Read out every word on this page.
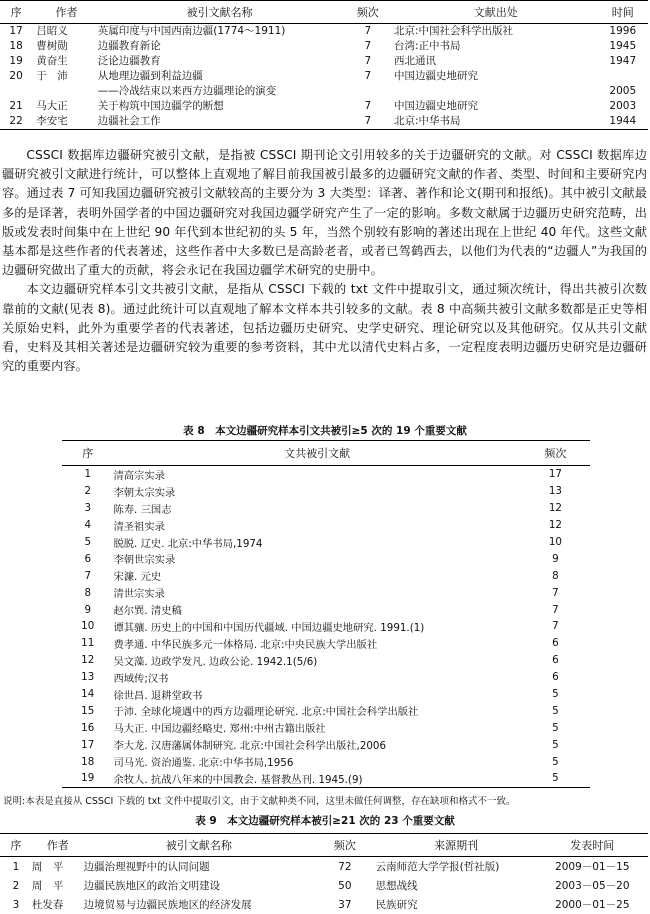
序	作者	被引文献名称	频次	文献出处	时间
17	吕昭义	英属印度与中国西南边疆(1774～1911)	7	北京:中国社会科学出版社	1996
18	曹树勋	边疆教育新论	7	台湾:正中书局	1945
19	黄奋生	泛论边疆教育	7	西北通讯	1947
20	于　沛	从地理边疆到利益边疆	7	中国边疆史地研究	
		——冷战结束以来西方边疆理论的演变			2005
21	马大正	关于构筑中国边疆学的断想	7	中国边疆史地研究	2003
22	李安宅	边疆社会工作	7	北京:中华书局	1944

CSSCI 数据库边疆研究被引文献，是指被 CSSCI 期刊论文引用较多的关于边疆研究的文献。对 CSSCI 数据库边疆研究被引文献进行统计，可以整体上直观地了解目前我国被引最多的边疆研究文献的作者、类型、时间和主要研究内容。通过表 7 可知我国边疆研究被引文献较高的主要分为 3 大类型：译著、著作和论文(期刊和报纸)。其中被引文献最多的是译著，表明外国学者的中国边疆研究对我国边疆学研究产生了一定的影响。多数文献属于边疆历史研究范畴，出版或发表时间集中在上世纪 90 年代到本世纪初的头 5 年，当然个别较有影响的著述出现在上世纪 40 年代。这些文献基本都是这些作者的代表著述，这些作者中大多数已是高龄老者，或者已驾鹤西去，以他们为代表的“边疆人”为我国的边疆研究做出了重大的贡献，将会永记在我国边疆学术研究的史册中。

本文边疆研究样本引文共被引文献，是指从 CSSCI 下载的 txt 文件中提取引文，通过频次统计，得出共被引次数靠前的文献(见表 8)。通过此统计可以直观地了解本文样本共引较多的文献。表 8 中高频共被引文献多数都是正史等相关原始史料，此外为重要学者的代表著述，包括边疆历史研究、史学史研究、理论研究以及其他研究。仅从共引文献看，史料及其相关著述是边疆研究较为重要的参考资料，其中尤以清代史料占多，一定程度表明边疆历史研究是边疆研究的重要内容。

表 8　本文边疆研究样本引文共被引≥5 次的 19 个重要文献
序	文共被引文献	频次
1	清高宗实录	17
2	李朝太宗实录	13
3	陈寿. 三国志	12
4	清圣祖实录	12
5	脱脱. 辽史. 北京:中华书局,1974	10
6	李朝世宗实录	9
7	宋濂. 元史	8
8	清世宗实录	7
9	赵尔巽. 清史稿	7
10	谭其骧. 历史上的中国和中国历代疆域. 中国边疆史地研究. 1991.(1)	7
11	费孝通. 中华民族多元一体格局. 北京:中央民族大学出版社	6
12	吴文藻. 边政学发凡. 边政公论. 1942.1(5/6)	6
13	西域传;汉书	6
14	徐世昌. 退耕堂政书	5
15	于沛. 全球化境遇中的西方边疆理论研究. 北京:中国社会科学出版社	5
16	马大正. 中国边疆经略史. 郑州:中州古籍出版社	5
17	李大龙. 汉唐藩属体制研究. 北京:中国社会科学出版社,2006	5
18	司马光. 资治通鉴. 北京:中华书局,1956	5
19	余牧人. 抗战八年来的中国教会. 基督教丛刊. 1945.(9)	5
说明:本表是直接从 CSSCI 下载的 txt 文件中提取引文，由于文献种类不同，这里未做任何调整，存在缺项和格式不一致。
表 9　本文边疆研究样本被引≥21 次的 23 个重要文献
序	作者	被引文献名称	频次	来源期刊	发表时间
1	周　平	边疆治理视野中的认同问题	72	云南师范大学学报(哲社版)	2009－01－15
2	周　平	边疆民族地区的政治文明建设	50	思想战线	2003－05－20
3	杜发春	边境贸易与边疆民族地区的经济发展	37	民族研究	2000－01－25
